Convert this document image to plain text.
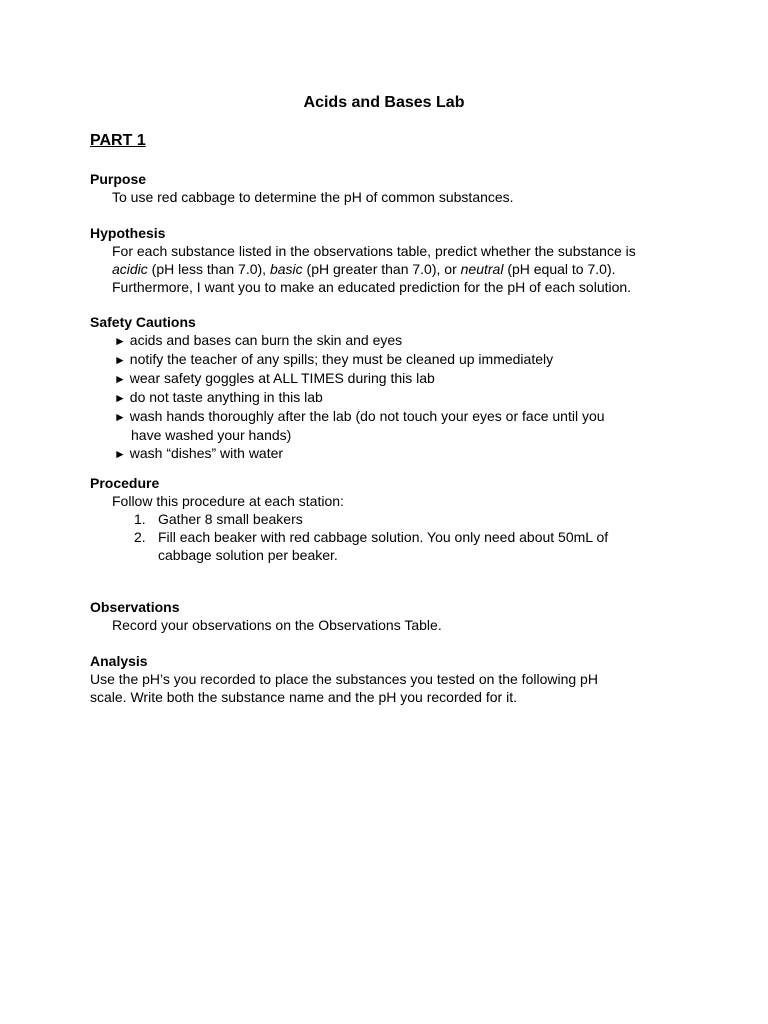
Acids and Bases Lab
PART 1
Purpose
To use red cabbage to determine the pH of common substances.
Hypothesis
For each substance listed in the observations table, predict whether the substance is
acidic (pH less than 7.0), basic (pH greater than 7.0), or neutral (pH equal to 7.0).
Furthermore, I want you to make an educated prediction for the pH of each solution.
Safety Cautions
► acids and bases can burn the skin and eyes
► notify the teacher of any spills; they must be cleaned up immediately
► wear safety goggles at ALL TIMES during this lab
► do not taste anything in this lab
► wash hands thoroughly after the lab (do not touch your eyes or face until you
have washed your hands)
► wash “dishes” with water
Procedure
Follow this procedure at each station:
1. Gather 8 small beakers
2. Fill each beaker with red cabbage solution. You only need about 50mL of
cabbage solution per beaker.
Observations
Record your observations on the Observations Table.
Analysis
Use the pH’s you recorded to place the substances you tested on the following pH
scale. Write both the substance name and the pH you recorded for it.
